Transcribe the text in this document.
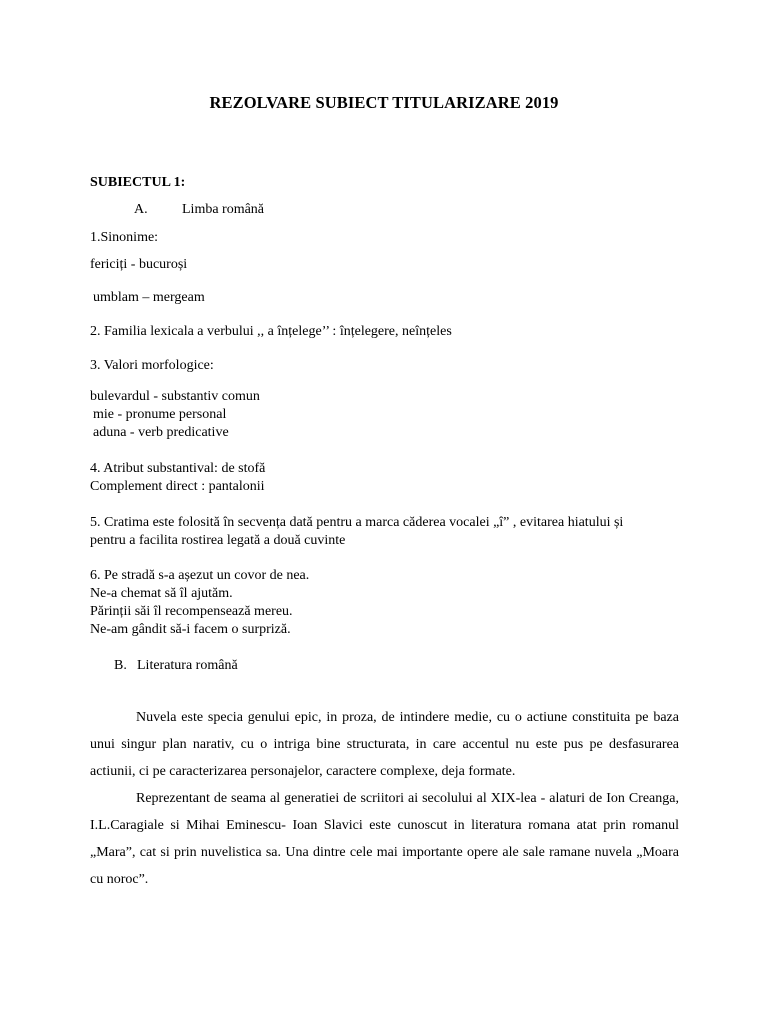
REZOLVARE SUBIECT TITULARIZARE 2019
SUBIECTUL 1:
A. Limba română
1.Sinonime:
fericiți - bucuroși
umblam – mergeam
2. Familia lexicala a verbului ,, a înțelege’’ : înțelegere, neînțeles
3. Valori morfologice:
bulevardul - substantiv comun
mie - pronume personal
aduna - verb predicative
4. Atribut substantival: de stofă
Complement direct : pantalonii
5. Cratima este folosită în secvența dată pentru a marca căderea vocalei „î” , evitarea hiatului și
pentru a facilita rostirea legată a două cuvinte
6. Pe stradă s-a așezut un covor de nea.
Ne-a chemat să îl ajutăm.
Părinții săi îl recompensează mereu.
Ne-am gândit să-i facem o surpriză.
B. Literatura română

Nuvela este specia genului epic, in proza, de intindere medie, cu o actiune constituita pe baza unui singur plan narativ, cu o intriga bine structurata, in care accentul nu este pus pe desfasurarea actiunii, ci pe caracterizarea personajelor, caractere complexe, deja formate.

Reprezentant de seama al generatiei de scriitori ai secolului al XIX-lea - alaturi de Ion Creanga, I.L.Caragiale si Mihai Eminescu- Ioan Slavici este cunoscut in literatura romana atat prin romanul „Mara”, cat si prin nuvelistica sa. Una dintre cele mai importante opere ale sale ramane nuvela „Moara cu noroc”.
